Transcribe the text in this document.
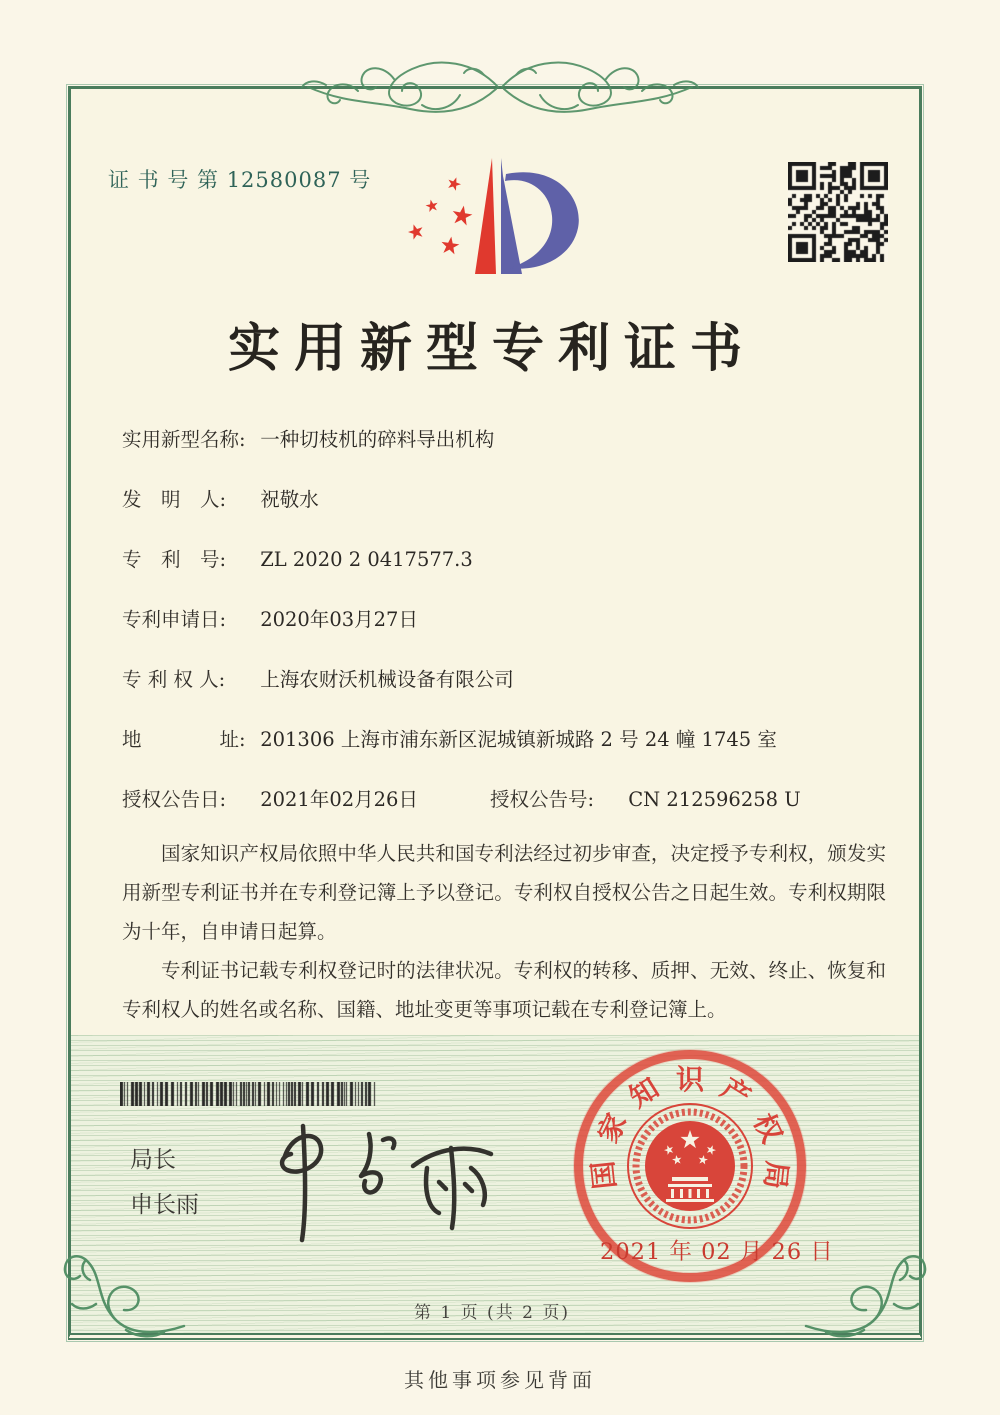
证 书 号 第 12580087 号
实用新型专利证书
实用新型名称: 一种切枝机的碎料导出机构
发　明　人: 祝敬水
专　利　号: ZL 2020 2 0417577.3
专利申请日: 2020年03月27日
专 利 权 人: 上海农财沃机械设备有限公司
地　　　　址: 201306 上海市浦东新区泥城镇新城路 2 号 24 幢 1745 室
授权公告日: 2021年02月26日	授权公告号: CN 212596258 U

国家知识产权局依照中华人民共和国专利法经过初步审查，决定授予专利权，颁发实用新型专利证书并在专利登记簿上予以登记。专利权自授权公告之日起生效。专利权期限为十年，自申请日起算。

专利证书记载专利权登记时的法律状况。专利权的转移、质押、无效、终止、恢复和专利权人的姓名或名称、国籍、地址变更等事项记载在专利登记簿上。

局长
申长雨
国
家
知 识 产
权
局
2021 年 02 月 26 日
第 1 页 (共 2 页)
其他事项参见背面
